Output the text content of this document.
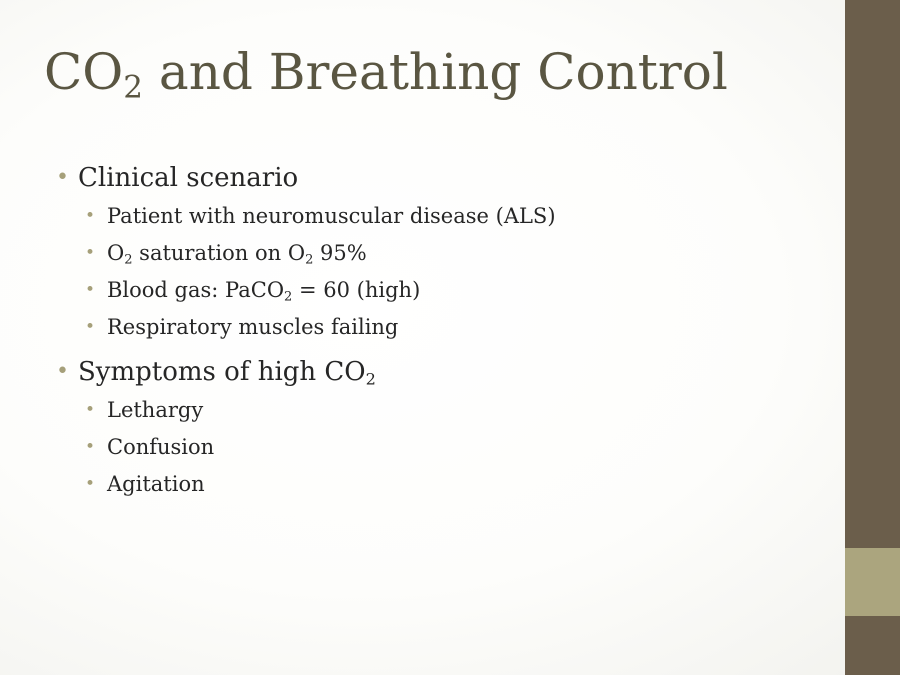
$CO_2$ and Breathing Control
• Clinical scenario
• Patient with neuromuscular disease (ALS)
• $O_2$ saturation on $O_2$ 95%
• Blood gas: PaCO$_2$ = 60 (high)
• Respiratory muscles failing
• Symptoms of high $CO_2$
• Lethargy
• Confusion
• Agitation
